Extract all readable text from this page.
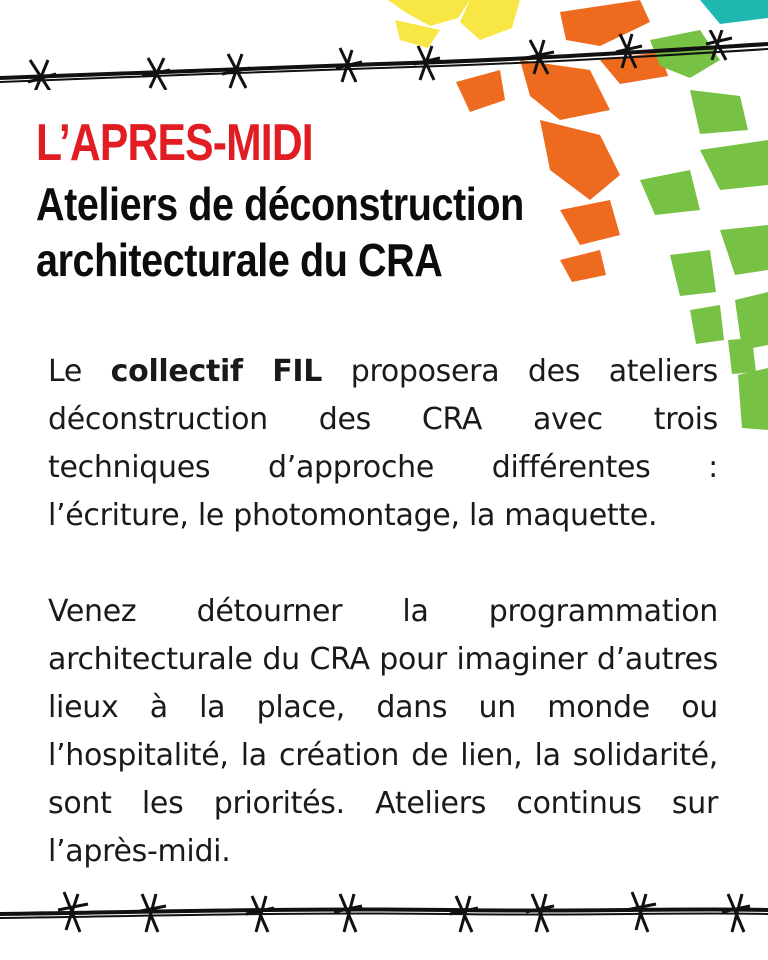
L’APRES-MIDI
Ateliers de déconstruction architecturale du CRA

Le collectif FIL proposera des ateliers déconstruction des CRA avec trois techniques d’approche différentes : l’écriture, le photomontage, la maquette.

Venez détourner la programmation architecturale du CRA pour imaginer d’autres lieux à la place, dans un monde ou l’hospitalité, la création de lien, la solidarité, sont les priorités. Ateliers continus sur l’après-midi.
